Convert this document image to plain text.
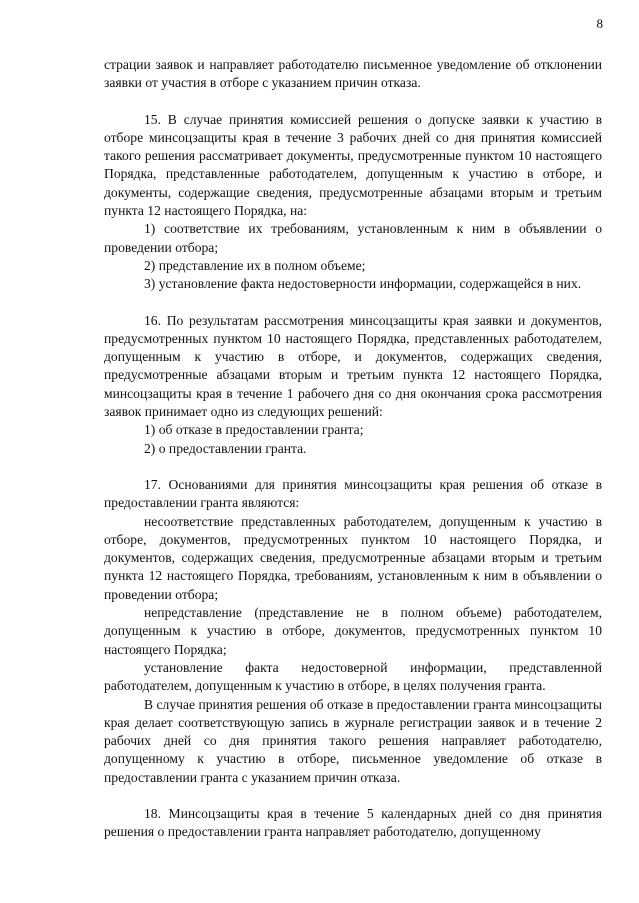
8

страции заявок и направляет работодателю письменное уведомление об отклонении заявки от участия в отборе с указанием причин отказа.

15. В случае принятия комиссией решения о допуске заявки к участию в отборе минсоцзащиты края в течение 3 рабочих дней со дня принятия комиссией такого решения рассматривает документы, предусмотренные пунктом 10 настоящего Порядка, представленные работодателем, допущенным к участию в отборе, и документы, содержащие сведения, предусмотренные абзацами вторым и третьим пункта 12 настоящего Порядка, на:

1) соответствие их требованиям, установленным к ним в объявлении о проведении отбора;

2) представление их в полном объеме;

3) установление факта недостоверности информации, содержащейся в них.

16. По результатам рассмотрения минсоцзащиты края заявки и документов, предусмотренных пунктом 10 настоящего Порядка, представленных работодателем, допущенным к участию в отборе, и документов, содержащих сведения, предусмотренные абзацами вторым и третьим пункта 12 настоящего Порядка, минсоцзащиты края в течение 1 рабочего дня со дня окончания срока рассмотрения заявок принимает одно из следующих решений:

1) об отказе в предоставлении гранта;

2) о предоставлении гранта.

17. Основаниями для принятия минсоцзащиты края решения об отказе в предоставлении гранта являются:

несоответствие представленных работодателем, допущенным к участию в отборе, документов, предусмотренных пунктом 10 настоящего Порядка, и документов, содержащих сведения, предусмотренные абзацами вторым и третьим пункта 12 настоящего Порядка, требованиям, установленным к ним в объявлении о проведении отбора;

непредставление (представление не в полном объеме) работодателем, допущенным к участию в отборе, документов, предусмотренных пунктом 10 настоящего Порядка;

установление факта недостоверной информации, представленной работодателем, допущенным к участию в отборе, в целях получения гранта.

В случае принятия решения об отказе в предоставлении гранта минсоцзащиты края делает соответствующую запись в журнале регистрации заявок и в течение 2 рабочих дней со дня принятия такого решения направляет работодателю, допущенному к участию в отборе, письменное уведомление об отказе в предоставлении гранта с указанием причин отказа.

18. Минсоцзащиты края в течение 5 календарных дней со дня принятия решения о предоставлении гранта направляет работодателю, допущенному
